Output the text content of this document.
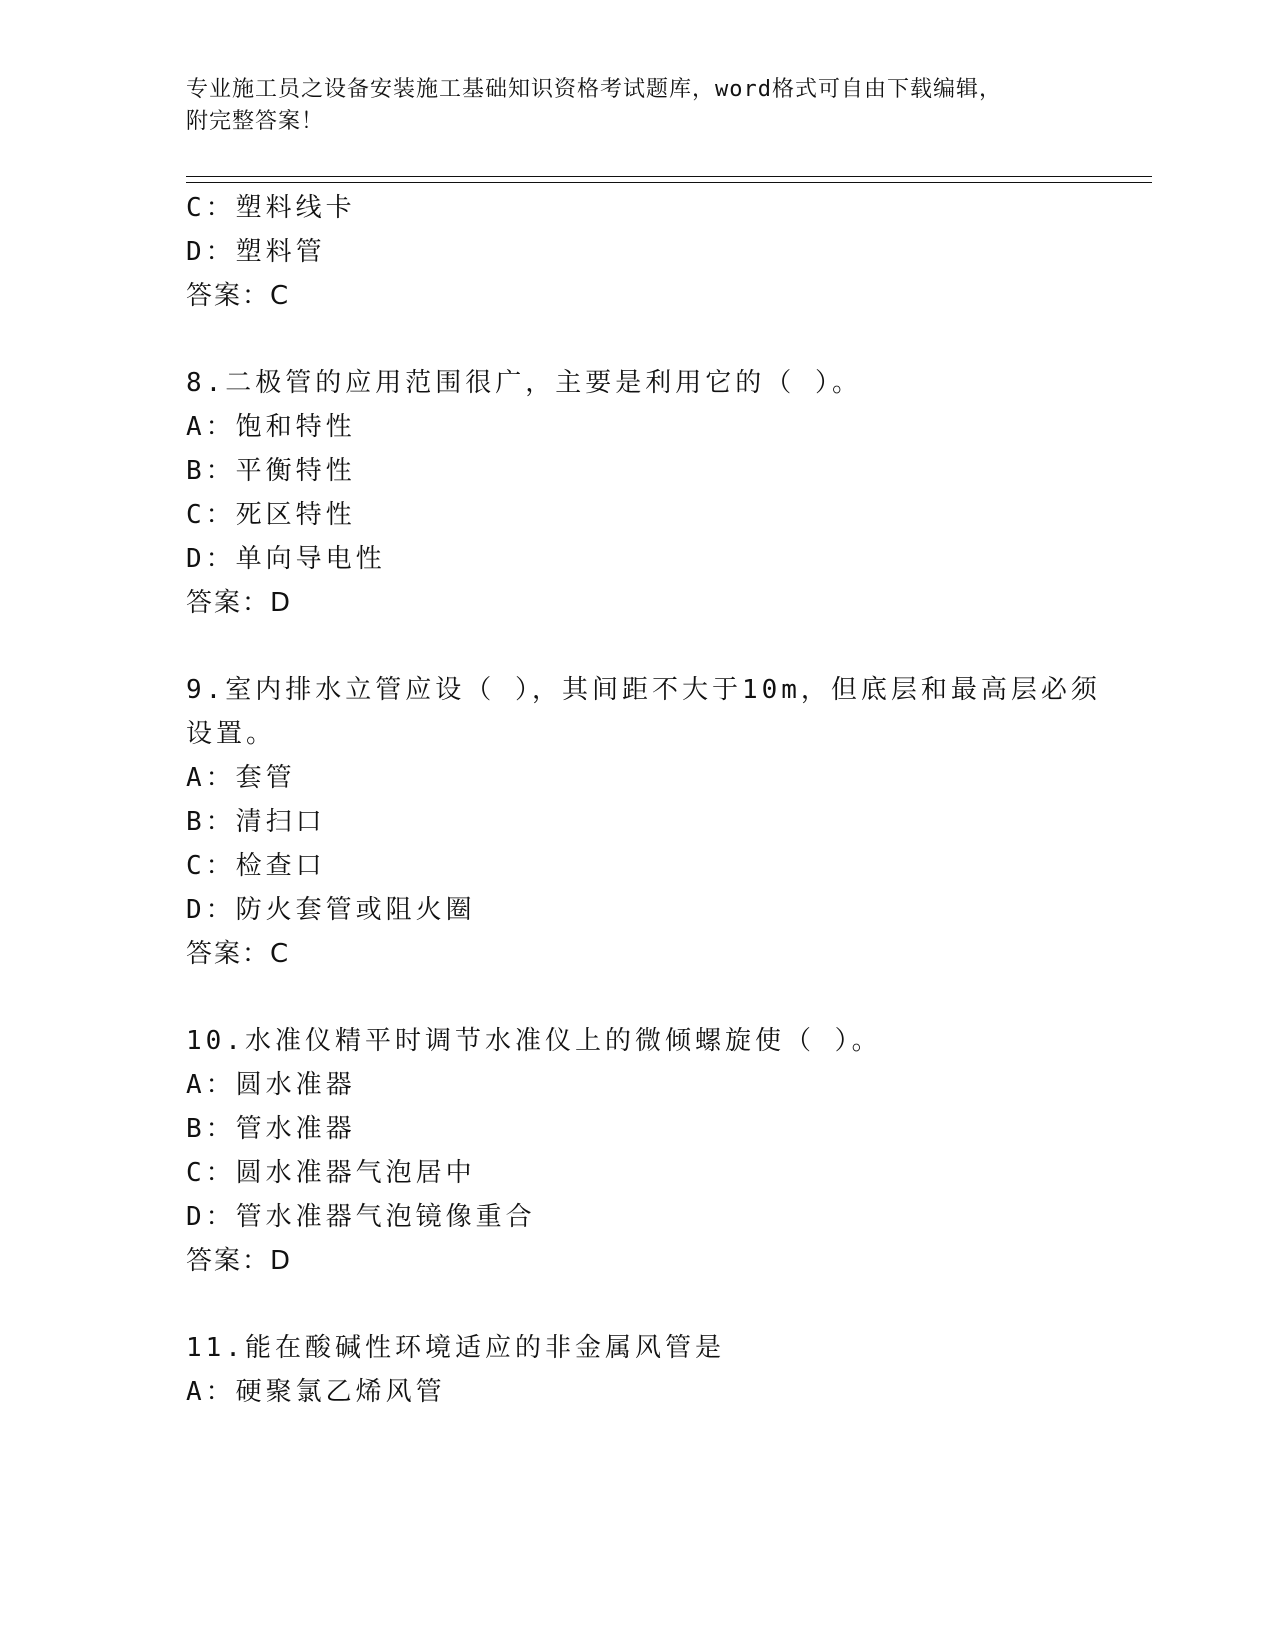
专业施工员之设备安装施工基础知识资格考试题库，word格式可自由下载编辑，
附完整答案！
C：塑料线卡
D：塑料管
答案：C
8.二极管的应用范围很广，主要是利用它的（ ）。
A：饱和特性
B：平衡特性
C：死区特性
D：单向导电性
答案：D
9.室内排水立管应设（ ），其间距不大于10m，但底层和最高层必须
设置。
A：套管
B：清扫口
C：检查口
D：防火套管或阻火圈
答案：C
10.水准仪精平时调节水准仪上的微倾螺旋使（ ）。
A：圆水准器
B：管水准器
C：圆水准器气泡居中
D：管水准器气泡镜像重合
答案：D
11.能在酸碱性环境适应的非金属风管是
A：硬聚氯乙烯风管
